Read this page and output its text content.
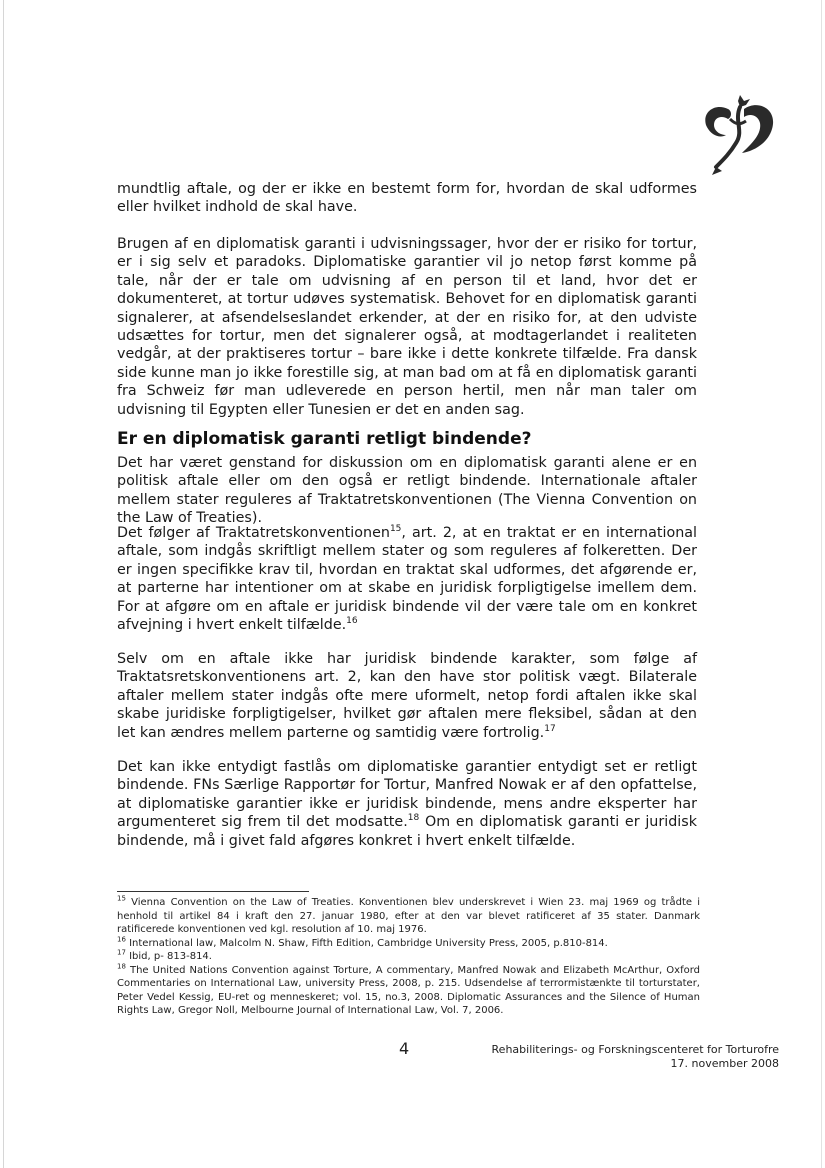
mundtlig aftale, og der er ikke en bestemt form for, hvordan de skal udformes eller hvilket indhold de skal have.

Brugen af en diplomatisk garanti i udvisningssager, hvor der er risiko for tortur, er i sig selv et paradoks. Diplomatiske garantier vil jo netop først komme på tale, når der er tale om udvisning af en person til et land, hvor det er dokumenteret, at tortur udøves systematisk. Behovet for en diplomatisk garanti signalerer, at afsendelseslandet erkender, at der en risiko for, at den udviste udsættes for tortur, men det signalerer også, at modtagerlandet i realiteten vedgår, at der praktiseres tortur – bare ikke i dette konkrete tilfælde. Fra dansk side kunne man jo ikke forestille sig, at man bad om at få en diplomatisk garanti fra Schweiz før man udleverede en person hertil, men når man taler om udvisning til Egypten eller Tunesien er det en anden sag.

Er en diplomatisk garanti retligt bindende?

Det har været genstand for diskussion om en diplomatisk garanti alene er en politisk aftale eller om den også er retligt bindende. Internationale aftaler mellem stater reguleres af Traktatretskonventionen (The Vienna Convention on the Law of Treaties).

Det følger af Traktatretskonventionen$^{15}$, art. 2, at en traktat er en international aftale, som indgås skriftligt mellem stater og som reguleres af folkeretten. Der er ingen specifikke krav til, hvordan en traktat skal udformes, det afgørende er, at parterne har intentioner om at skabe en juridisk forpligtigelse imellem dem. For at afgøre om en aftale er juridisk bindende vil der være tale om en konkret afvejning i hvert enkelt tilfælde.$^{16}$

Selv om en aftale ikke har juridisk bindende karakter, som følge af Traktatsretskonventionens art. 2, kan den have stor politisk vægt. Bilaterale aftaler mellem stater indgås ofte mere uformelt, netop fordi aftalen ikke skal skabe juridiske forpligtigelser, hvilket gør aftalen mere fleksibel, sådan at den let kan ændres mellem parterne og samtidig være fortrolig.$^{17}$

Det kan ikke entydigt fastlås om diplomatiske garantier entydigt set er retligt bindende. FNs Særlige Rapportør for Tortur, Manfred Nowak er af den opfattelse, at diplomatiske garantier ikke er juridisk bindende, mens andre eksperter har argumenteret sig frem til det modsatte.$^{18}$ Om en diplomatisk garanti er juridisk bindende, må i givet fald afgøres konkret i hvert enkelt tilfælde.

$^{15}$ Vienna Convention on the Law of Treaties. Konventionen blev underskrevet i Wien 23. maj 1969 og trådte i henhold til artikel 84 i kraft den 27. januar 1980, efter at den var blevet ratificeret af 35 stater. Danmark ratificerede konventionen ved kgl. resolution af 10. maj 1976.

$^{16}$ International law, Malcolm N. Shaw, Fifth Edition, Cambridge University Press, 2005, p.810-814.

$^{17}$ Ibid, p- 813-814.

$^{18}$ The United Nations Convention against Torture, A commentary, Manfred Nowak and Elizabeth McArthur, Oxford Commentaries on International Law, university Press, 2008, p. 215. Udsendelse af terrormistænkte til torturstater, Peter Vedel Kessig, EU-ret og menneskeret; vol. 15, no.3, 2008. Diplomatic Assurances and the Silence of Human Rights Law, Gregor Noll, Melbourne Journal of International Law, Vol. 7, 2006.

4	Rehabiliterings- og Forskningscenteret for Torturofre
17. november 2008
